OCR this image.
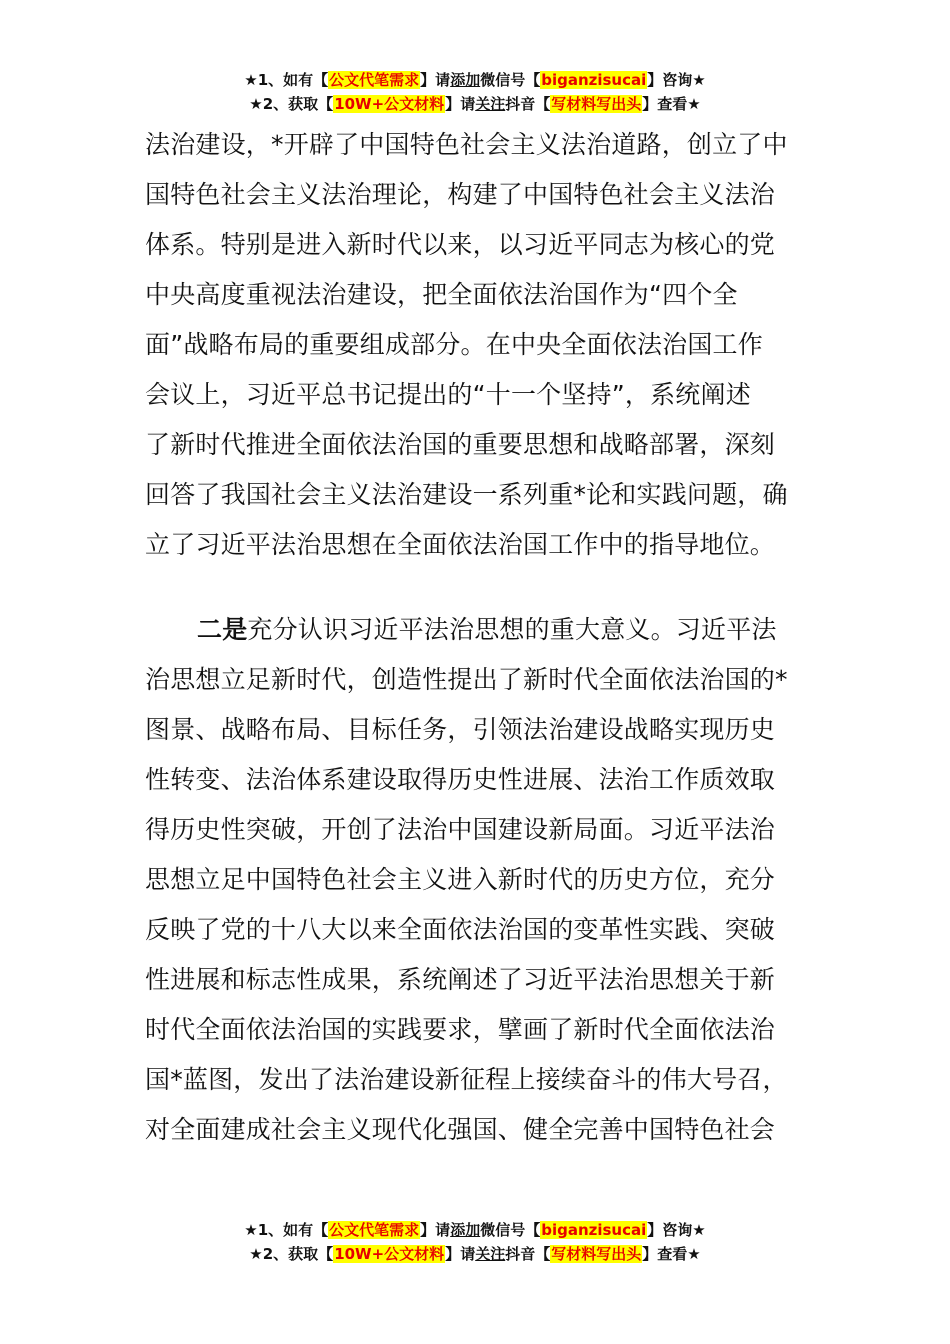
★1、如有【公文代笔需求】请添加微信号【biganzisucai】咨询★
★2、获取【10W+公文材料】请关注抖音【写材料写出头】查看★
法治建设，*开辟了中国特色社会主义法治道路，创立了中
国特色社会主义法治理论，构建了中国特色社会主义法治
体系。特别是进入新时代以来，以习近平同志为核心的党
中央高度重视法治建设，把全面依法治国作为“四个全
面”战略布局的重要组成部分。在中央全面依法治国工作
会议上，习近平总书记提出的“十一个坚持”，系统阐述
了新时代推进全面依法治国的重要思想和战略部署，深刻
回答了我国社会主义法治建设一系列重*论和实践问题，确
立了习近平法治思想在全面依法治国工作中的指导地位。
二是充分认识习近平法治思想的重大意义。习近平法
治思想立足新时代，创造性提出了新时代全面依法治国的*
图景、战略布局、目标任务，引领法治建设战略实现历史
性转变、法治体系建设取得历史性进展、法治工作质效取
得历史性突破，开创了法治中国建设新局面。习近平法治
思想立足中国特色社会主义进入新时代的历史方位，充分
反映了党的十八大以来全面依法治国的变革性实践、突破
性进展和标志性成果，系统阐述了习近平法治思想关于新
时代全面依法治国的实践要求，擘画了新时代全面依法治
国*蓝图，发出了法治建设新征程上接续奋斗的伟大号召，
对全面建成社会主义现代化强国、健全完善中国特色社会
★1、如有【公文代笔需求】请添加微信号【biganzisucai】咨询★
★2、获取【10W+公文材料】请关注抖音【写材料写出头】查看★
